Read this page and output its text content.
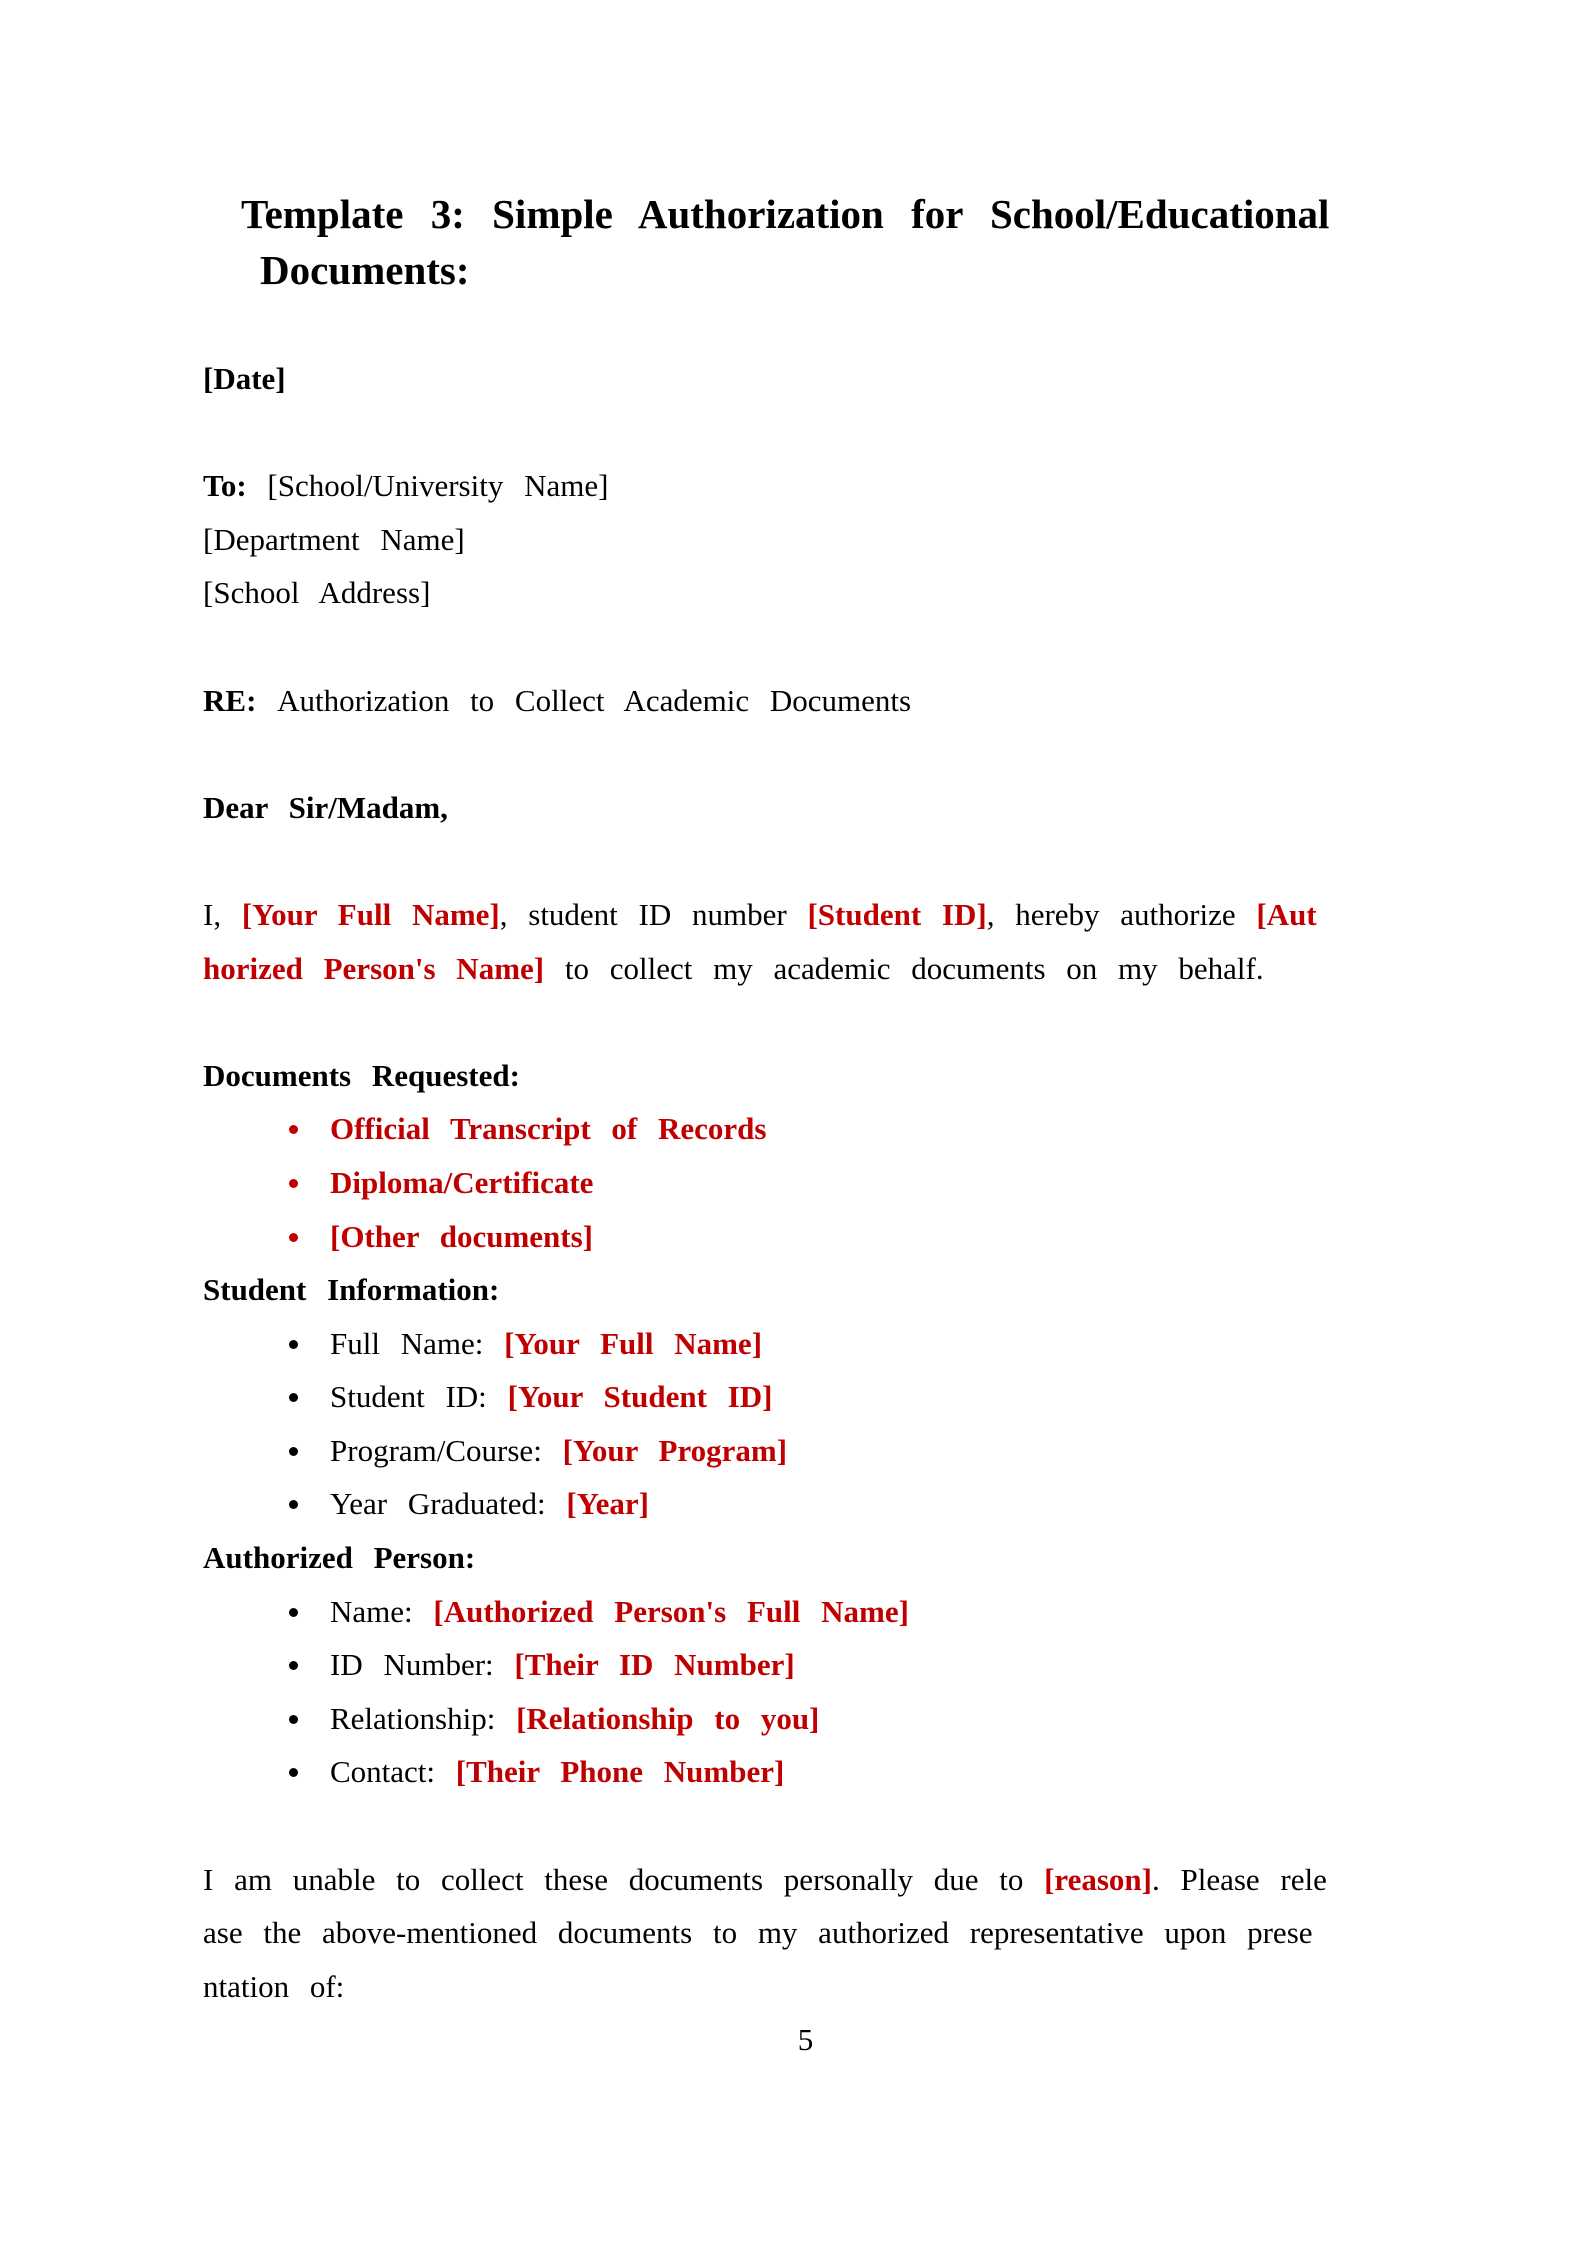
Template 3: Simple Authorization for School/Educational
Documents:

[Date]

To: [School/University Name]

[Department Name]

[School Address]

RE: Authorization to Collect Academic Documents

Dear Sir/Madam,

I, [Your Full Name], student ID number [Student ID], hereby authorize [Aut

horized Person's Name] to collect my academic documents on my behalf.

Documents Requested:

Official Transcript of Records
Diploma/Certificate
[Other documents]

Student Information:

Full Name: [Your Full Name]
Student ID: [Your Student ID]
Program/Course: [Your Program]
Year Graduated: [Year]

Authorized Person:

Name: [Authorized Person's Full Name]
ID Number: [Their ID Number]
Relationship: [Relationship to you]
Contact: [Their Phone Number]

I am unable to collect these documents personally due to [reason]. Please rele

ase the above-mentioned documents to my authorized representative upon prese

ntation of:

5
